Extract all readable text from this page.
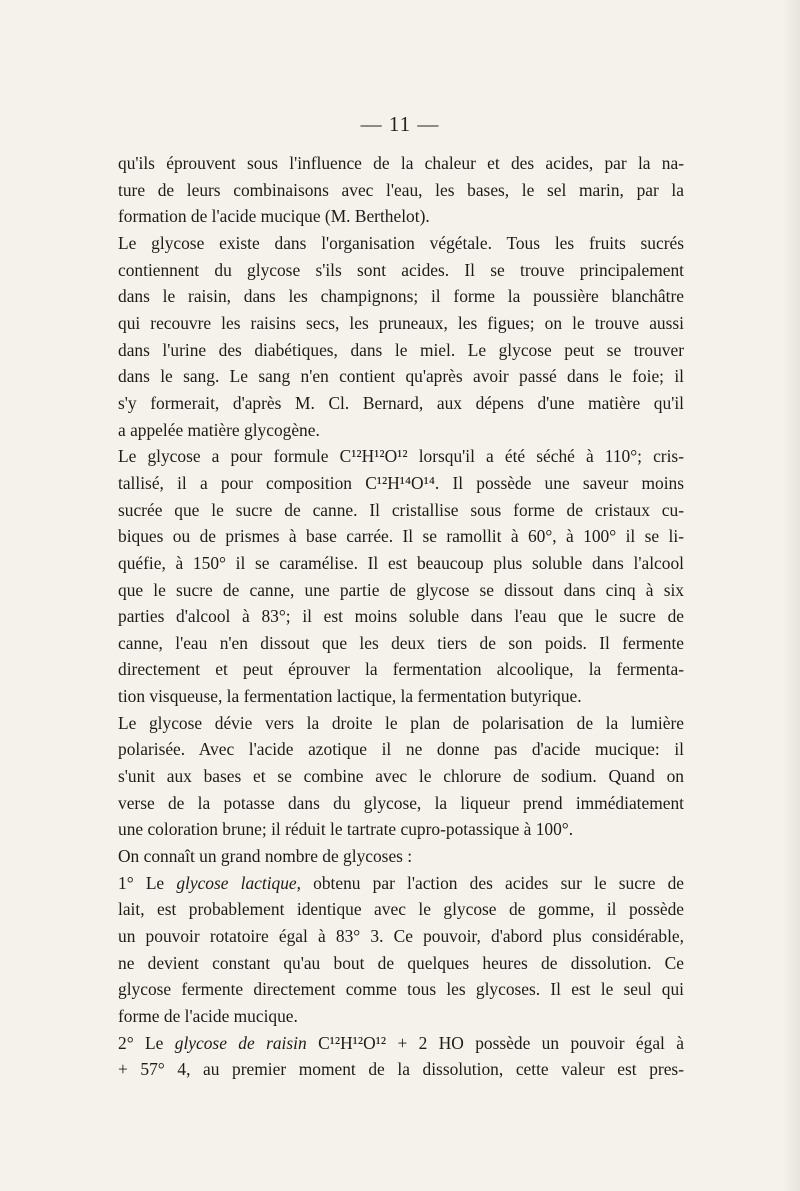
— 11 —
qu'ils éprouvent sous l'influence de la chaleur et des acides, par la na-
ture de leurs combinaisons avec l'eau, les bases, le sel marin, par la
formation de l'acide mucique (M. Berthelot).
Le glycose existe dans l'organisation végétale. Tous les fruits sucrés
contiennent du glycose s'ils sont acides. Il se trouve principalement
dans le raisin, dans les champignons; il forme la poussière blanchâtre
qui recouvre les raisins secs, les pruneaux, les figues; on le trouve aussi
dans l'urine des diabétiques, dans le miel. Le glycose peut se trouver
dans le sang. Le sang n'en contient qu'après avoir passé dans le foie; il
s'y formerait, d'après M. Cl. Bernard, aux dépens d'une matière qu'il
a appelée matière glycogène.
Le glycose a pour formule C¹²H¹²O¹² lorsqu'il a été séché à 110°; cris-
tallisé, il a pour composition C¹²H¹⁴O¹⁴. Il possède une saveur moins
sucrée que le sucre de canne. Il cristallise sous forme de cristaux cu-
biques ou de prismes à base carrée. Il se ramollit à 60°, à 100° il se li-
quéfie, à 150° il se caramélise. Il est beaucoup plus soluble dans l'alcool
que le sucre de canne, une partie de glycose se dissout dans cinq à six
parties d'alcool à 83°; il est moins soluble dans l'eau que le sucre de
canne, l'eau n'en dissout que les deux tiers de son poids. Il fermente
directement et peut éprouver la fermentation alcoolique, la fermenta-
tion visqueuse, la fermentation lactique, la fermentation butyrique.
Le glycose dévie vers la droite le plan de polarisation de la lumière
polarisée. Avec l'acide azotique il ne donne pas d'acide mucique: il
s'unit aux bases et se combine avec le chlorure de sodium. Quand on
verse de la potasse dans du glycose, la liqueur prend immédiatement
une coloration brune; il réduit le tartrate cupro-potassique à 100°.
On connaît un grand nombre de glycoses :
1° Le glycose lactique, obtenu par l'action des acides sur le sucre de
lait, est probablement identique avec le glycose de gomme, il possède
un pouvoir rotatoire égal à 83° 3. Ce pouvoir, d'abord plus considérable,
ne devient constant qu'au bout de quelques heures de dissolution. Ce
glycose fermente directement comme tous les glycoses. Il est le seul qui
forme de l'acide mucique.
2° Le glycose de raisin C¹²H¹²O¹² + 2 HO possède un pouvoir égal à
+ 57° 4, au premier moment de la dissolution, cette valeur est pres-
